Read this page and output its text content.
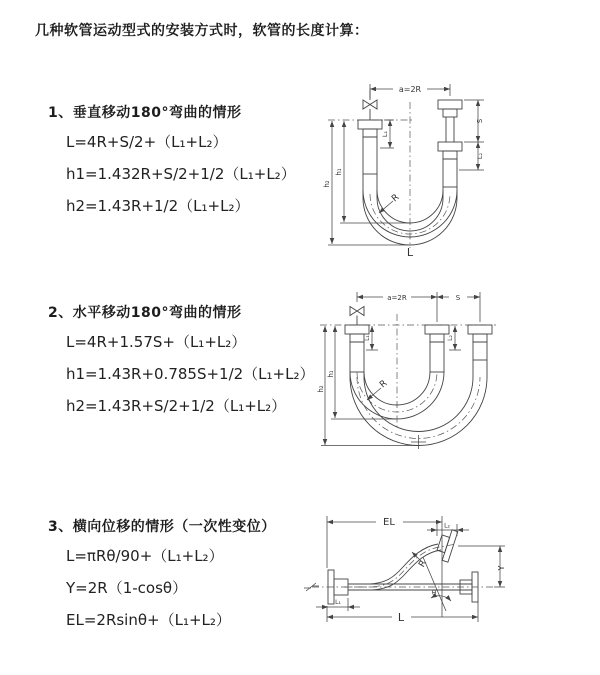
几种软管运动型式的安装方式时，软管的长度计算：
1、垂直移动180°弯曲的情形
L=4R+S/2+（L₁+L₂）
h1=1.432R+S/2+1/2（L₁+L₂）
h2=1.43R+1/2（L₁+L₂）
2、水平移动180°弯曲的情形
L=4R+1.57S+（L₁+L₂）
h1=1.43R+0.785S+1/2（L₁+L₂）
h2=1.43R+S/2+1/2（L₁+L₂）
3、横向位移的情形（一次性变位）
L=πRθ/90+（L₁+L₂）
Y=2R（1-cosθ）
EL=2Rsinθ+（L₁+L₂）
a=2R
h₁
h₂
L₁
S
L₂
R
L
a=2R	S
h₁
h₂
L₁	L₂
R
EL	L₂
Y
L
L₁
R
θ
